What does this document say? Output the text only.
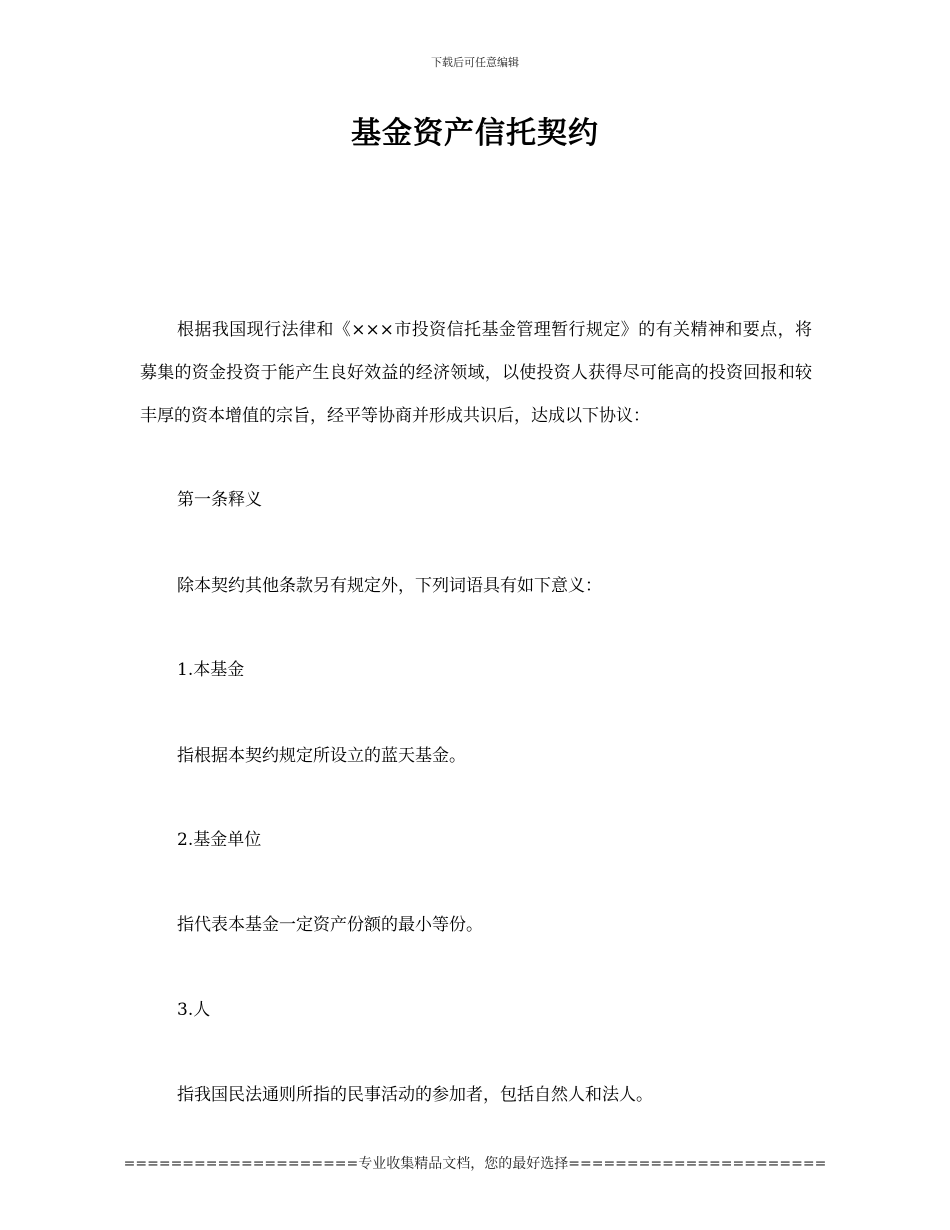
下载后可任意编辑
基金资产信托契约
根据我国现行法律和《×××市投资信托基金管理暂行规定》的有关精神和要点，将募集的资金投资于能产生良好效益的经济领域，以使投资人获得尽可能高的投资回报和较丰厚的资本增值的宗旨，经平等协商并形成共识后，达成以下协议：
第一条释义
除本契约其他条款另有规定外，下列词语具有如下意义：
1.本基金
指根据本契约规定所设立的蓝天基金。
2.基金单位
指代表本基金一定资产份额的最小等份。
3.人
指我国民法通则所指的民事活动的参加者，包括自然人和法人。
====================专业收集精品文档，您的最好选择======================
